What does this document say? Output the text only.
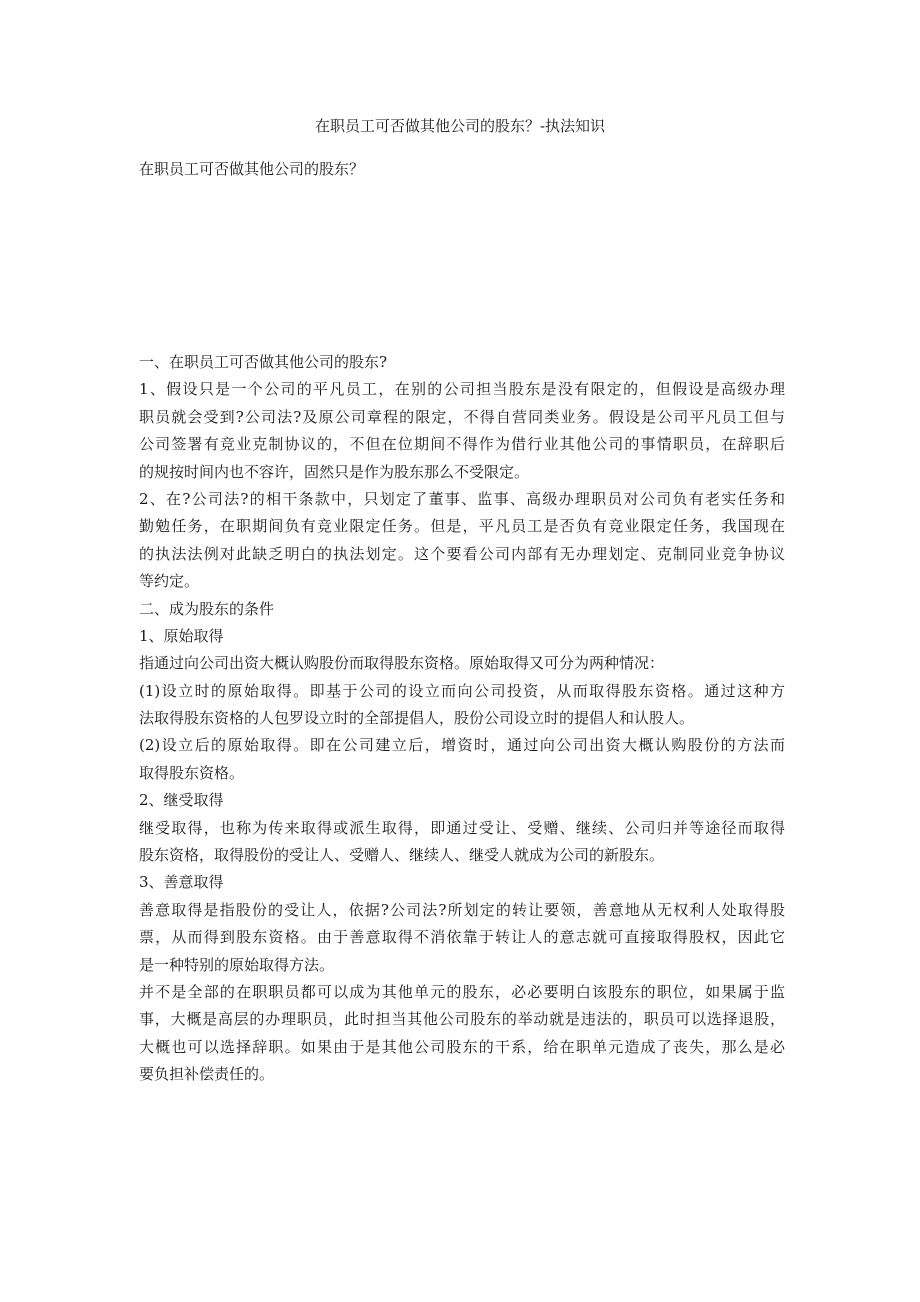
在职员工可否做其他公司的股东？-执法知识
在职员工可否做其他公司的股东？
一、在职员工可否做其他公司的股东?
1、假设只是一个公司的平凡员工，在别的公司担当股东是没有限定的，但假设是高级办理
职员就会受到?公司法?及原公司章程的限定，不得自营同类业务。假设是公司平凡员工但与
公司签署有竞业克制协议的，不但在位期间不得作为借行业其他公司的事情职员，在辞职后
的规按时间内也不容许，固然只是作为股东那么不受限定。
2、在?公司法?的相干条款中，只划定了董事、监事、高级办理职员对公司负有老实任务和
勤勉任务，在职期间负有竞业限定任务。但是，平凡员工是否负有竞业限定任务，我国现在
的执法法例对此缺乏明白的执法划定。这个要看公司内部有无办理划定、克制同业竞争协议
等约定。
二、成为股东的条件
1、原始取得
指通过向公司出资大概认购股份而取得股东资格。原始取得又可分为两种情况：
(1)设立时的原始取得。即基于公司的设立而向公司投资，从而取得股东资格。通过这种方
法取得股东资格的人包罗设立时的全部提倡人，股份公司设立时的提倡人和认股人。
(2)设立后的原始取得。即在公司建立后，增资时，通过向公司出资大概认购股份的方法而
取得股东资格。
2、继受取得
继受取得，也称为传来取得或派生取得，即通过受让、受赠、继续、公司归并等途径而取得
股东资格，取得股份的受让人、受赠人、继续人、继受人就成为公司的新股东。
3、善意取得
善意取得是指股份的受让人，依据?公司法?所划定的转让要领，善意地从无权利人处取得股
票，从而得到股东资格。由于善意取得不消依靠于转让人的意志就可直接取得股权，因此它
是一种特别的原始取得方法。
并不是全部的在职职员都可以成为其他单元的股东，必必要明白该股东的职位，如果属于监
事，大概是高层的办理职员，此时担当其他公司股东的举动就是违法的，职员可以选择退股，
大概也可以选择辞职。如果由于是其他公司股东的干系，给在职单元造成了丧失，那么是必
要负担补偿责任的。
